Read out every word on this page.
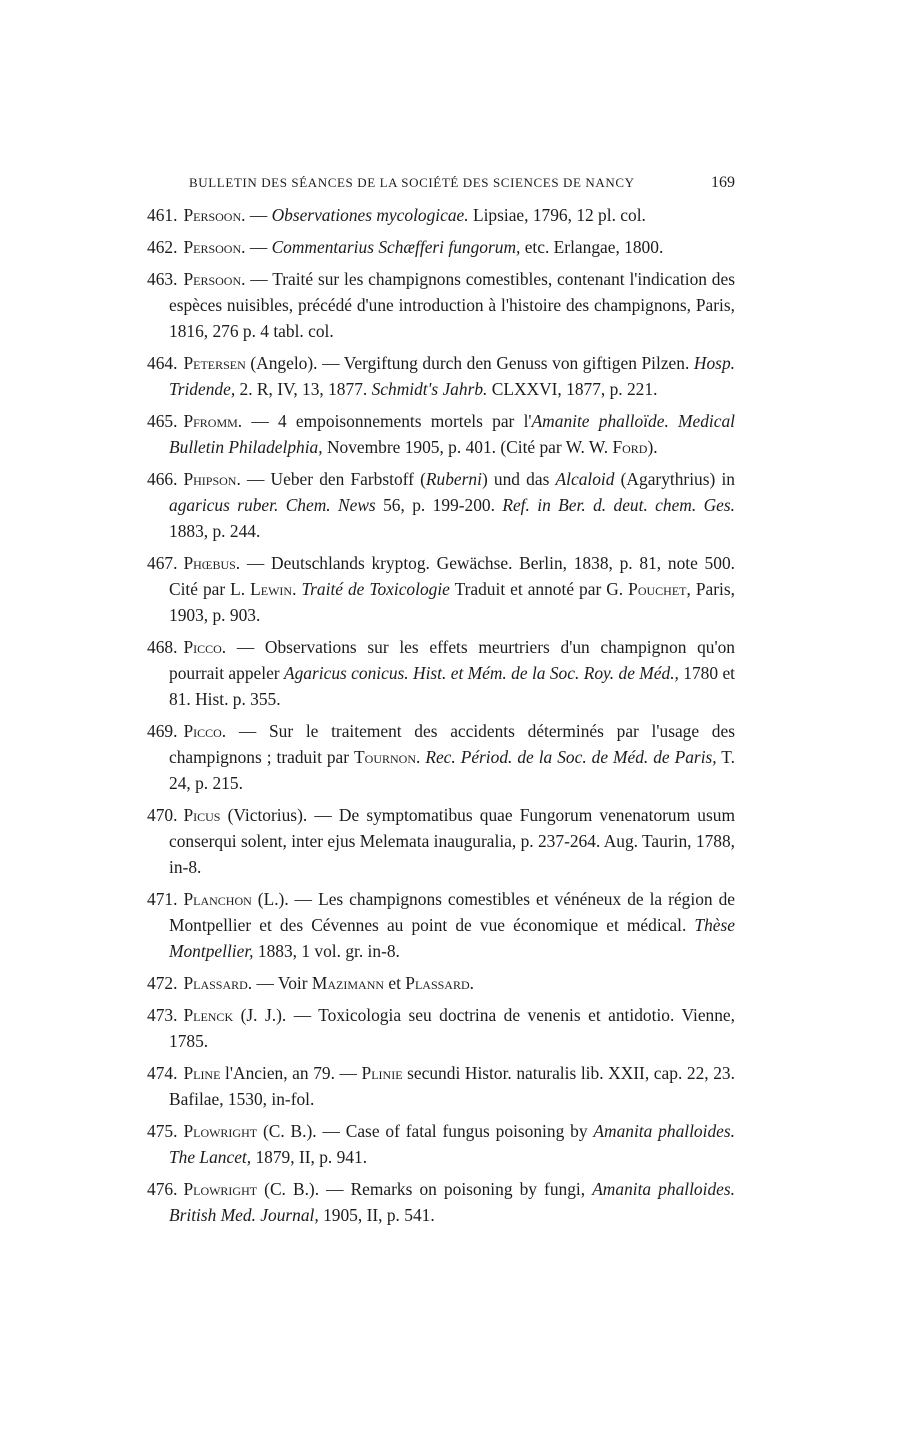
BULLETIN DES SÉANCES DE LA SOCIÉTÉ DES SCIENCES DE NANCY	169

461. Persoon. — Observationes mycologicae. Lipsiae, 1796, 12 pl. col.

462. Persoon. — Commentarius Schæfferi fungorum, etc. Erlangae, 1800.

463. Persoon. — Traité sur les champignons comestibles, contenant l'indication des espèces nuisibles, précédé d'une introduction à l'histoire des champignons, Paris, 1816, 276 p. 4 tabl. col.

464. Petersen (Angelo). — Vergiftung durch den Genuss von giftigen Pilzen. Hosp. Tridende, 2. R, IV, 13, 1877. Schmidt's Jahrb. CLXXVI, 1877, p. 221.

465. Pfromm. — 4 empoisonnements mortels par l'Amanite phalloïde. Medical Bulletin Philadelphia, Novembre 1905, p. 401. (Cité par W. W. Ford).

466. Phipson. — Ueber den Farbstoff (Ruberni) und das Alcaloid (Agarythrius) in agaricus ruber. Chem. News 56, p. 199-200. Ref. in Ber. d. deut. chem. Ges. 1883, p. 244.

467. Phœbus. — Deutschlands kryptog. Gewächse. Berlin, 1838, p. 81, note 500. Cité par L. Lewin. Traité de Toxicologie Traduit et annoté par G. Pouchet, Paris, 1903, p. 903.

468. Picco. — Observations sur les effets meurtriers d'un champignon qu'on pourrait appeler Agaricus conicus. Hist. et Mém. de la Soc. Roy. de Méd., 1780 et 81. Hist. p. 355.

469. Picco. — Sur le traitement des accidents déterminés par l'usage des champignons ; traduit par Tournon. Rec. Périod. de la Soc. de Méd. de Paris, T. 24, p. 215.

470. Picus (Victorius). — De symptomatibus quae Fungorum venenatorum usum conserqui solent, inter ejus Melemata inauguralia, p. 237-264. Aug. Taurin, 1788, in-8.

471. Planchon (L.). — Les champignons comestibles et vénéneux de la région de Montpellier et des Cévennes au point de vue économique et médical. Thèse Montpellier, 1883, 1 vol. gr. in-8.

472. Plassard. — Voir Mazimann et Plassard.

473. Plenck (J. J.). — Toxicologia seu doctrina de venenis et antidotio. Vienne, 1785.

474. Pline l'Ancien, an 79. — Plinie secundi Histor. naturalis lib. XXII, cap. 22, 23. Bafilae, 1530, in-fol.

475. Plowright (C. B.). — Case of fatal fungus poisoning by Amanita phalloides. The Lancet, 1879, II, p. 941.

476. Plowright (C. B.). — Remarks on poisoning by fungi, Amanita phalloides. British Med. Journal, 1905, II, p. 541.
